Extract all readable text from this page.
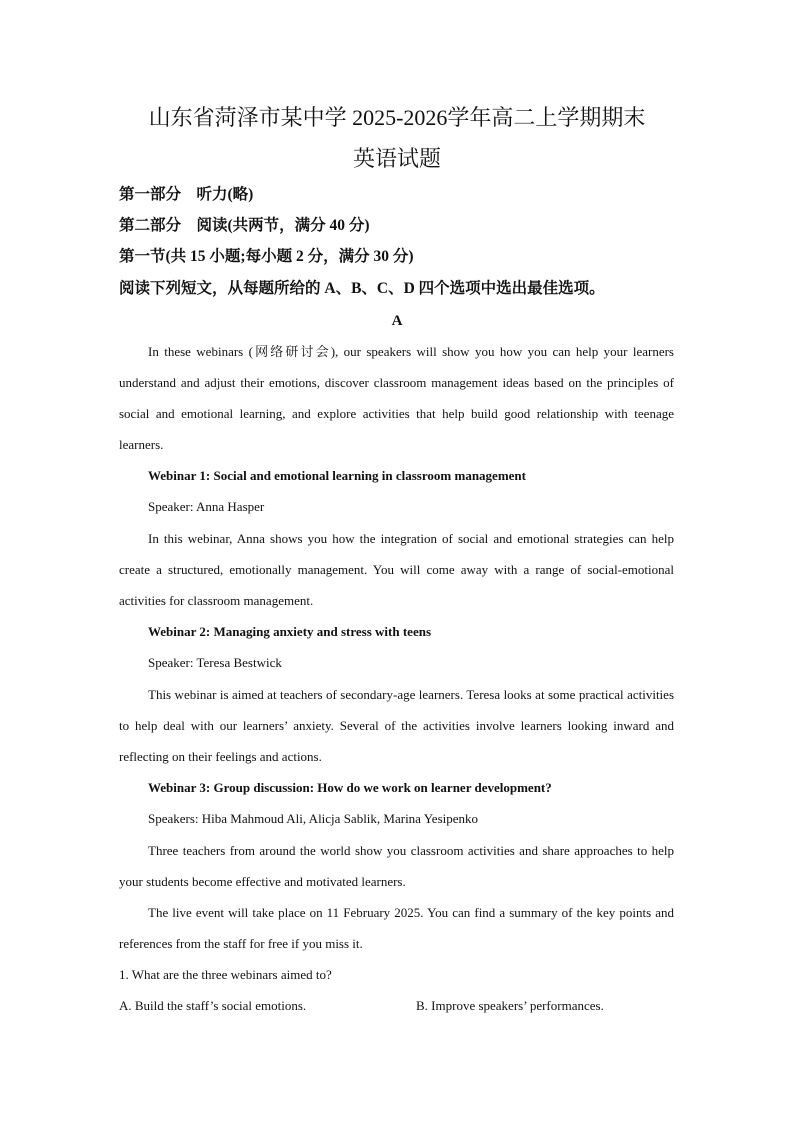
山东省菏泽市某中学 2025-2026学年高二上学期期末
英语试题
第一部分　听力(略)
第二部分　阅读(共两节，满分 40 分)
第一节(共 15 小题;每小题 2 分，满分 30 分)
阅读下列短文，从每题所给的 A、B、C、D 四个选项中选出最佳选项。
A
In these webinars (网络研讨会), our speakers will show you how you can help your learners understand and adjust their emotions, discover classroom management ideas based on the principles of social and emotional learning, and explore activities that help build good relationship with teenage learners.
Webinar 1: Social and emotional learning in classroom management
Speaker: Anna Hasper
In this webinar, Anna shows you how the integration of social and emotional strategies can help create a structured, emotionally management. You will come away with a range of social-emotional activities for classroom management.
Webinar 2: Managing anxiety and stress with teens
Speaker: Teresa Bestwick
This webinar is aimed at teachers of secondary-age learners. Teresa looks at some practical activities to help deal with our learners’ anxiety. Several of the activities involve learners looking inward and reflecting on their feelings and actions.
Webinar 3: Group discussion: How do we work on learner development?
Speakers: Hiba Mahmoud Ali, Alicja Sablik, Marina Yesipenko
Three teachers from around the world show you classroom activities and share approaches to help your students become effective and motivated learners.
The live event will take place on 11 February 2025. You can find a summary of the key points and references from the staff for free if you miss it.
1. What are the three webinars aimed to?
A. Build the staff’s social emotions.	B. Improve speakers’ performances.
